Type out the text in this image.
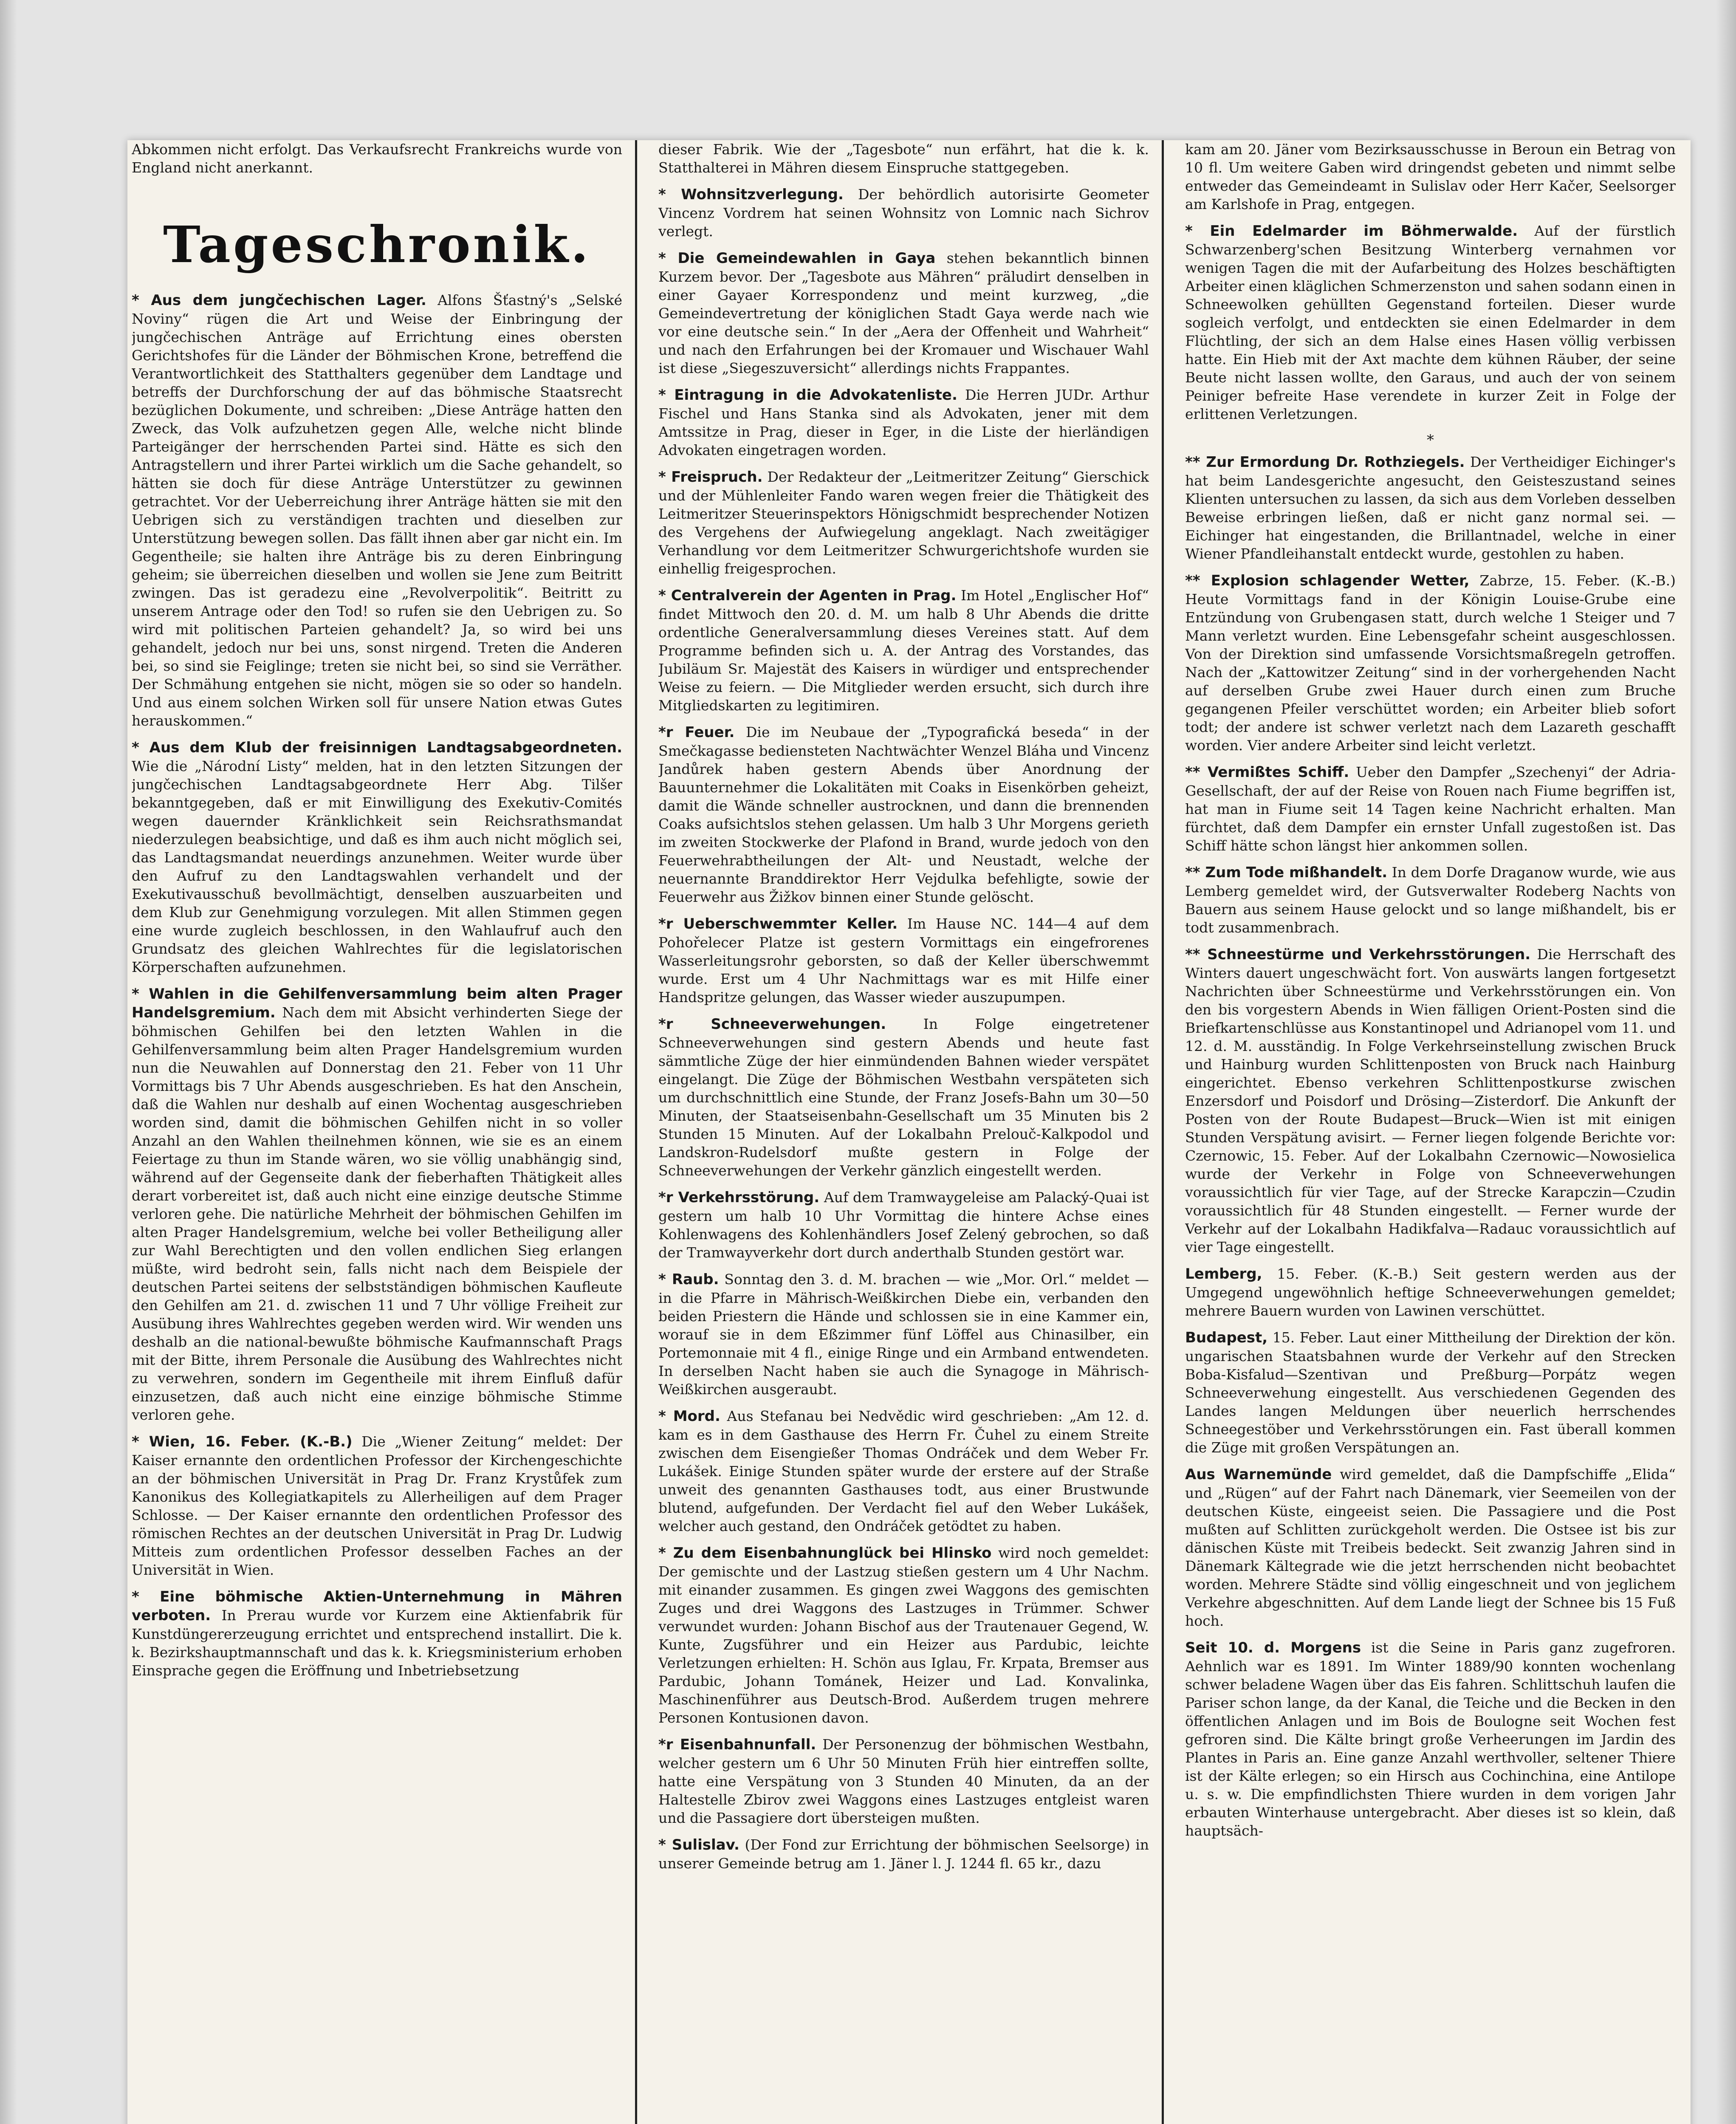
Abkommen nicht erfolgt. Das Verkaufsrecht Frankreichs wurde von England nicht anerkannt.

Tageschronik.

* Aus dem jungčechischen Lager. Alfons Šťastný's „Selské Noviny“ rügen die Art und Weise der Einbringung der jungčechischen Anträge auf Errichtung eines obersten Gerichtshofes für die Länder der Böhmischen Krone, betreffend die Verantwortlichkeit des Statthalters gegenüber dem Landtage und betreffs der Durchforschung der auf das böhmische Staatsrecht bezüglichen Dokumente, und schreiben: „Diese Anträge hatten den Zweck, das Volk aufzuhetzen gegen Alle, welche nicht blinde Parteigänger der herrschenden Partei sind. Hätte es sich den Antragstellern und ihrer Partei wirklich um die Sache gehandelt, so hätten sie doch für diese Anträge Unterstützer zu gewinnen getrachtet. Vor der Ueberreichung ihrer Anträge hätten sie mit den Uebrigen sich zu verständigen trachten und dieselben zur Unterstützung bewegen sollen. Das fällt ihnen aber gar nicht ein. Im Gegentheile; sie halten ihre Anträge bis zu deren Einbringung geheim; sie überreichen dieselben und wollen sie Jene zum Beitritt zwingen. Das ist geradezu eine „Revolverpolitik“. Beitritt zu unserem Antrage oder den Tod! so rufen sie den Uebrigen zu. So wird mit politischen Parteien gehandelt? Ja, so wird bei uns gehandelt, jedoch nur bei uns, sonst nirgend. Treten die Anderen bei, so sind sie Feiglinge; treten sie nicht bei, so sind sie Verräther. Der Schmähung entgehen sie nicht, mögen sie so oder so handeln. Und aus einem solchen Wirken soll für unsere Nation etwas Gutes herauskommen.“

* Aus dem Klub der freisinnigen Landtagsabgeordneten. Wie die „Národní Listy“ melden, hat in den letzten Sitzungen der jungčechischen Landtagsabgeordnete Herr Abg. Tilšer bekanntgegeben, daß er mit Einwilligung des Exekutiv-Comités wegen dauernder Kränklichkeit sein Reichsrathsmandat niederzulegen beabsichtige, und daß es ihm auch nicht möglich sei, das Landtagsmandat neuerdings anzunehmen. Weiter wurde über den Aufruf zu den Landtagswahlen verhandelt und der Exekutivausschuß bevollmächtigt, denselben auszuarbeiten und dem Klub zur Genehmigung vorzulegen. Mit allen Stimmen gegen eine wurde zugleich beschlossen, in den Wahlaufruf auch den Grundsatz des gleichen Wahlrechtes für die legislatorischen Körperschaften aufzunehmen.

* Wahlen in die Gehilfenversammlung beim alten Prager Handelsgremium. Nach dem mit Absicht verhinderten Siege der böhmischen Gehilfen bei den letzten Wahlen in die Gehilfenversammlung beim alten Prager Handelsgremium wurden nun die Neuwahlen auf Donnerstag den 21. Feber von 11 Uhr Vormittags bis 7 Uhr Abends ausgeschrieben. Es hat den Anschein, daß die Wahlen nur deshalb auf einen Wochentag ausgeschrieben worden sind, damit die böhmischen Gehilfen nicht in so voller Anzahl an den Wahlen theilnehmen können, wie sie es an einem Feiertage zu thun im Stande wären, wo sie völlig unabhängig sind, während auf der Gegenseite dank der fieberhaften Thätigkeit alles derart vorbereitet ist, daß auch nicht eine einzige deutsche Stimme verloren gehe. Die natürliche Mehrheit der böhmischen Gehilfen im alten Prager Handelsgremium, welche bei voller Betheiligung aller zur Wahl Berechtigten und den vollen endlichen Sieg erlangen müßte, wird bedroht sein, falls nicht nach dem Beispiele der deutschen Partei seitens der selbstständigen böhmischen Kaufleute den Gehilfen am 21. d. zwischen 11 und 7 Uhr völlige Freiheit zur Ausübung ihres Wahlrechtes gegeben werden wird. Wir wenden uns deshalb an die national-bewußte böhmische Kaufmannschaft Prags mit der Bitte, ihrem Personale die Ausübung des Wahlrechtes nicht zu verwehren, sondern im Gegentheile mit ihrem Einfluß dafür einzusetzen, daß auch nicht eine einzige böhmische Stimme verloren gehe.

* Wien, 16. Feber. (K.-B.) Die „Wiener Zeitung“ meldet: Der Kaiser ernannte den ordentlichen Professor der Kirchengeschichte an der böhmischen Universität in Prag Dr. Franz Krystůfek zum Kanonikus des Kollegiatkapitels zu Allerheiligen auf dem Prager Schlosse. — Der Kaiser ernannte den ordentlichen Professor des römischen Rechtes an der deutschen Universität in Prag Dr. Ludwig Mitteis zum ordentlichen Professor desselben Faches an der Universität in Wien.

* Eine böhmische Aktien-Unternehmung in Mähren verboten. In Prerau wurde vor Kurzem eine Aktienfabrik für Kunstdüngererzeugung errichtet und entsprechend installirt. Die k. k. Bezirkshauptmannschaft und das k. k. Kriegsministerium erhoben Einsprache gegen die Eröffnung und Inbetriebsetzung

dieser Fabrik. Wie der „Tagesbote“ nun erfährt, hat die k. k. Statthalterei in Mähren diesem Einspruche stattgegeben.

* Wohnsitzverlegung. Der behördlich autorisirte Geometer Vincenz Vordrem hat seinen Wohnsitz von Lomnic nach Sichrov verlegt.

* Die Gemeindewahlen in Gaya stehen bekanntlich binnen Kurzem bevor. Der „Tagesbote aus Mähren“ präludirt denselben in einer Gayaer Korrespondenz und meint kurzweg, „die Gemeindevertretung der königlichen Stadt Gaya werde nach wie vor eine deutsche sein.“ In der „Aera der Offenheit und Wahrheit“ und nach den Erfahrungen bei der Kromauer und Wischauer Wahl ist diese „Siegeszuversicht“ allerdings nichts Frappantes.

* Eintragung in die Advokatenliste. Die Herren JUDr. Arthur Fischel und Hans Stanka sind als Advokaten, jener mit dem Amtssitze in Prag, dieser in Eger, in die Liste der hierländigen Advokaten eingetragen worden.

* Freispruch. Der Redakteur der „Leitmeritzer Zeitung“ Gierschick und der Mühlenleiter Fando waren wegen freier die Thätigkeit des Leitmeritzer Steuerinspektors Hönigschmidt besprechender Notizen des Vergehens der Aufwiegelung angeklagt. Nach zweitägiger Verhandlung vor dem Leitmeritzer Schwurgerichtshofe wurden sie einhellig freigesprochen.

* Centralverein der Agenten in Prag. Im Hotel „Englischer Hof“ findet Mittwoch den 20. d. M. um halb 8 Uhr Abends die dritte ordentliche Generalversammlung dieses Vereines statt. Auf dem Programme befinden sich u. A. der Antrag des Vorstandes, das Jubiläum Sr. Majestät des Kaisers in würdiger und entsprechender Weise zu feiern. — Die Mitglieder werden ersucht, sich durch ihre Mitgliedskarten zu legitimiren.

*r Feuer. Die im Neubaue der „Typografická beseda“ in der Smečkagasse bediensteten Nachtwächter Wenzel Bláha und Vincenz Jandůrek haben gestern Abends über Anordnung der Bauunternehmer die Lokalitäten mit Coaks in Eisenkörben geheizt, damit die Wände schneller austrocknen, und dann die brennenden Coaks aufsichtslos stehen gelassen. Um halb 3 Uhr Morgens gerieth im zweiten Stockwerke der Plafond in Brand, wurde jedoch von den Feuerwehrabtheilungen der Alt- und Neustadt, welche der neuernannte Branddirektor Herr Vejdulka befehligte, sowie der Feuerwehr aus Žižkov binnen einer Stunde gelöscht.

*r Ueberschwemmter Keller. Im Hause NC. 144—4 auf dem Pohořelecer Platze ist gestern Vormittags ein eingefrorenes Wasserleitungsrohr geborsten, so daß der Keller überschwemmt wurde. Erst um 4 Uhr Nachmittags war es mit Hilfe einer Handspritze gelungen, das Wasser wieder auszupumpen.

*r Schneeverwehungen.	In Folge eingetretener Schneeverwehungen sind gestern Abends und heute fast sämmtliche Züge der hier einmündenden Bahnen wieder verspätet eingelangt. Die Züge der Böhmischen Westbahn verspäteten sich um durchschnittlich eine Stunde, der Franz Josefs-Bahn um 30—50 Minuten, der Staatseisenbahn-Gesellschaft um 35 Minuten bis 2 Stunden 15 Minuten. Auf der Lokalbahn Prelouč-Kalkpodol und Landskron-Rudelsdorf mußte gestern in Folge der Schneeverwehungen der Verkehr gänzlich eingestellt werden.

*r Verkehrsstörung. Auf dem Tramwaygeleise am Palacký-Quai ist gestern um halb 10 Uhr Vormittag die hintere Achse eines Kohlenwagens des Kohlenhändlers Josef Zelený gebrochen, so daß der Tramwayverkehr dort durch anderthalb Stunden gestört war.

* Raub. Sonntag den 3. d. M. brachen — wie „Mor. Orl.“ meldet — in die Pfarre in Mährisch-Weißkirchen Diebe ein, verbanden den beiden Priestern die Hände und schlossen sie in eine Kammer ein, worauf sie in dem Eßzimmer fünf Löffel aus Chinasilber, ein Portemonnaie mit 4 fl., einige Ringe und ein Armband entwendeten. In derselben Nacht haben sie auch die Synagoge in Mährisch-Weißkirchen ausgeraubt.

* Mord. Aus Stefanau bei Nedvědic wird geschrieben: „Am 12. d. kam es in dem Gasthause des Herrn Fr. Čuhel zu einem Streite zwischen dem Eisengießer Thomas Ondráček und dem Weber Fr. Lukášek. Einige Stunden später wurde der erstere auf der Straße unweit des genannten Gasthauses todt, aus einer Brustwunde blutend, aufgefunden. Der Verdacht fiel auf den Weber Lukášek, welcher auch gestand, den Ondráček getödtet zu haben.

* Zu dem Eisenbahnunglück bei Hlinsko wird noch gemeldet: Der gemischte und der Lastzug stießen gestern um 4 Uhr Nachm. mit einander zusammen. Es gingen zwei Waggons des gemischten Zuges und drei Waggons des Lastzuges in Trümmer. Schwer verwundet wurden: Johann Bischof aus der Trautenauer Gegend, W. Kunte, Zugsführer und ein Heizer aus Pardubic, leichte Verletzungen erhielten: H. Schön aus Iglau, Fr. Krpata, Bremser aus Pardubic, Johann Tománek, Heizer und Lad. Konvalinka, Maschinenführer aus Deutsch-Brod. Außerdem trugen mehrere Personen Kontusionen davon.

*r Eisenbahnunfall. Der Personenzug der böhmischen Westbahn, welcher gestern um 6 Uhr 50 Minuten Früh hier eintreffen sollte, hatte eine Verspätung von 3 Stunden 40 Minuten, da an der Haltestelle Zbirov zwei Waggons eines Lastzuges entgleist waren und die Passagiere dort übersteigen mußten.

* Sulislav. (Der Fond zur Errichtung der böhmischen Seelsorge) in unserer Gemeinde betrug am 1. Jäner l. J. 1244 fl. 65 kr., dazu

kam am 20. Jäner vom Bezirksausschusse in Beroun ein Betrag von 10 fl. Um weitere Gaben wird dringendst gebeten und nimmt selbe entweder das Gemeindeamt in Sulislav oder Herr Kačer, Seelsorger am Karlshofe in Prag, entgegen.

* Ein Edelmarder im Böhmerwalde. Auf der fürstlich Schwarzenberg'schen Besitzung Winterberg vernahmen vor wenigen Tagen die mit der Aufarbeitung des Holzes beschäftigten Arbeiter einen kläglichen Schmerzenston und sahen sodann einen in Schneewolken gehüllten Gegenstand forteilen. Dieser wurde sogleich verfolgt, und entdeckten sie einen Edelmarder in dem Flüchtling, der sich an dem Halse eines Hasen völlig verbissen hatte. Ein Hieb mit der Axt machte dem kühnen Räuber, der seine Beute nicht lassen wollte, den Garaus, und auch der von seinem Peiniger befreite Hase verendete in kurzer Zeit in Folge der erlittenen Verletzungen.

*

** Zur Ermordung Dr. Rothziegels. Der Vertheidiger Eichinger's hat beim Landesgerichte angesucht, den Geisteszustand seines Klienten untersuchen zu lassen, da sich aus dem Vorleben desselben Beweise erbringen ließen, daß er nicht ganz normal sei. — Eichinger hat eingestanden, die Brillantnadel, welche in einer Wiener Pfandleihanstalt entdeckt wurde, gestohlen zu haben.

** Explosion schlagender Wetter, Zabrze, 15. Feber. (K.-B.) Heute Vormittags fand in der Königin Louise-Grube eine Entzündung von Grubengasen statt, durch welche 1 Steiger und 7 Mann verletzt wurden. Eine Lebensgefahr scheint ausgeschlossen. Von der Direktion sind umfassende Vorsichtsmaßregeln getroffen. Nach der „Kattowitzer Zeitung“ sind in der vorhergehenden Nacht auf derselben Grube zwei Hauer durch einen zum Bruche gegangenen Pfeiler verschüttet worden; ein Arbeiter blieb sofort todt; der andere ist schwer verletzt nach dem Lazareth geschafft worden. Vier andere Arbeiter sind leicht verletzt.

** Vermißtes Schiff. Ueber den Dampfer „Szechenyi“ der Adria-Gesellschaft, der auf der Reise von Rouen nach Fiume begriffen ist, hat man in Fiume seit 14 Tagen keine Nachricht erhalten. Man fürchtet, daß dem Dampfer ein ernster Unfall zugestoßen ist. Das Schiff hätte schon längst hier ankommen sollen.

** Zum Tode mißhandelt. In dem Dorfe Draganow wurde, wie aus Lemberg gemeldet wird, der Gutsverwalter Rodeberg Nachts von Bauern aus seinem Hause gelockt und so lange mißhandelt, bis er todt zusammenbrach.

** Schneestürme und Verkehrsstörungen. Die Herrschaft des Winters dauert ungeschwächt fort. Von auswärts langen fortgesetzt Nachrichten über Schneestürme und Verkehrsstörungen ein. Von den bis vorgestern Abends in Wien fälligen Orient-Posten sind die Briefkartenschlüsse aus Konstantinopel und Adrianopel vom 11. und 12. d. M. ausständig. In Folge Verkehrseinstellung zwischen Bruck und Hainburg wurden Schlittenposten von Bruck nach Hainburg eingerichtet. Ebenso verkehren Schlittenpostkurse zwischen Enzersdorf und Poisdorf und Drösing—Zisterdorf. Die Ankunft der Posten von der Route Budapest—Bruck—Wien ist mit einigen Stunden Verspätung avisirt. — Ferner liegen folgende Berichte vor: Czernowic, 15. Feber. Auf der Lokalbahn Czernowic—Nowosielica wurde der Verkehr in Folge von Schneeverwehungen voraussichtlich für vier Tage, auf der Strecke Karapczin—Czudin voraussichtlich für 48 Stunden eingestellt. — Ferner wurde der Verkehr auf der Lokalbahn Hadikfalva—Radauc voraussichtlich auf vier Tage eingestellt.

Lemberg, 15. Feber. (K.-B.) Seit gestern werden aus der Umgegend ungewöhnlich heftige Schneeverwehungen gemeldet; mehrere Bauern wurden von Lawinen verschüttet.

Budapest, 15. Feber. Laut einer Mittheilung der Direktion der kön. ungarischen Staatsbahnen wurde der Verkehr auf den Strecken Boba-Kisfalud—Szentivan und Preßburg—Porpátz wegen Schneeverwehung eingestellt. Aus verschiedenen Gegenden des Landes langen Meldungen über neuerlich herrschendes Schneegestöber und Verkehrsstörungen ein. Fast überall kommen die Züge mit großen Verspätungen an.

Aus Warnemünde wird gemeldet, daß die Dampfschiffe „Elida“ und „Rügen“ auf der Fahrt nach Dänemark, vier Seemeilen von der deutschen Küste, eingeeist seien. Die Passagiere und die Post mußten auf Schlitten zurückgeholt werden. Die Ostsee ist bis zur dänischen Küste mit Treibeis bedeckt. Seit zwanzig Jahren sind in Dänemark Kältegrade wie die jetzt herrschenden nicht beobachtet worden. Mehrere Städte sind völlig eingeschneit und von jeglichem Verkehre abgeschnitten. Auf dem Lande liegt der Schnee bis 15 Fuß hoch.

Seit 10. d. Morgens ist die Seine in Paris ganz zugefroren. Aehnlich war es 1891. Im Winter 1889/90 konnten wochenlang schwer beladene Wagen über das Eis fahren. Schlittschuh laufen die Pariser schon lange, da der Kanal, die Teiche und die Becken in den öffentlichen Anlagen und im Bois de Boulogne seit Wochen fest gefroren sind. Die Kälte bringt große Verheerungen im Jardin des Plantes in Paris an. Eine ganze Anzahl werthvoller, seltener Thiere ist der Kälte erlegen; so ein Hirsch aus Cochinchina, eine Antilope u. s. w. Die empfindlichsten Thiere wurden in dem vorigen Jahr erbauten Winterhause untergebracht. Aber dieses ist so klein, daß hauptsäch-
